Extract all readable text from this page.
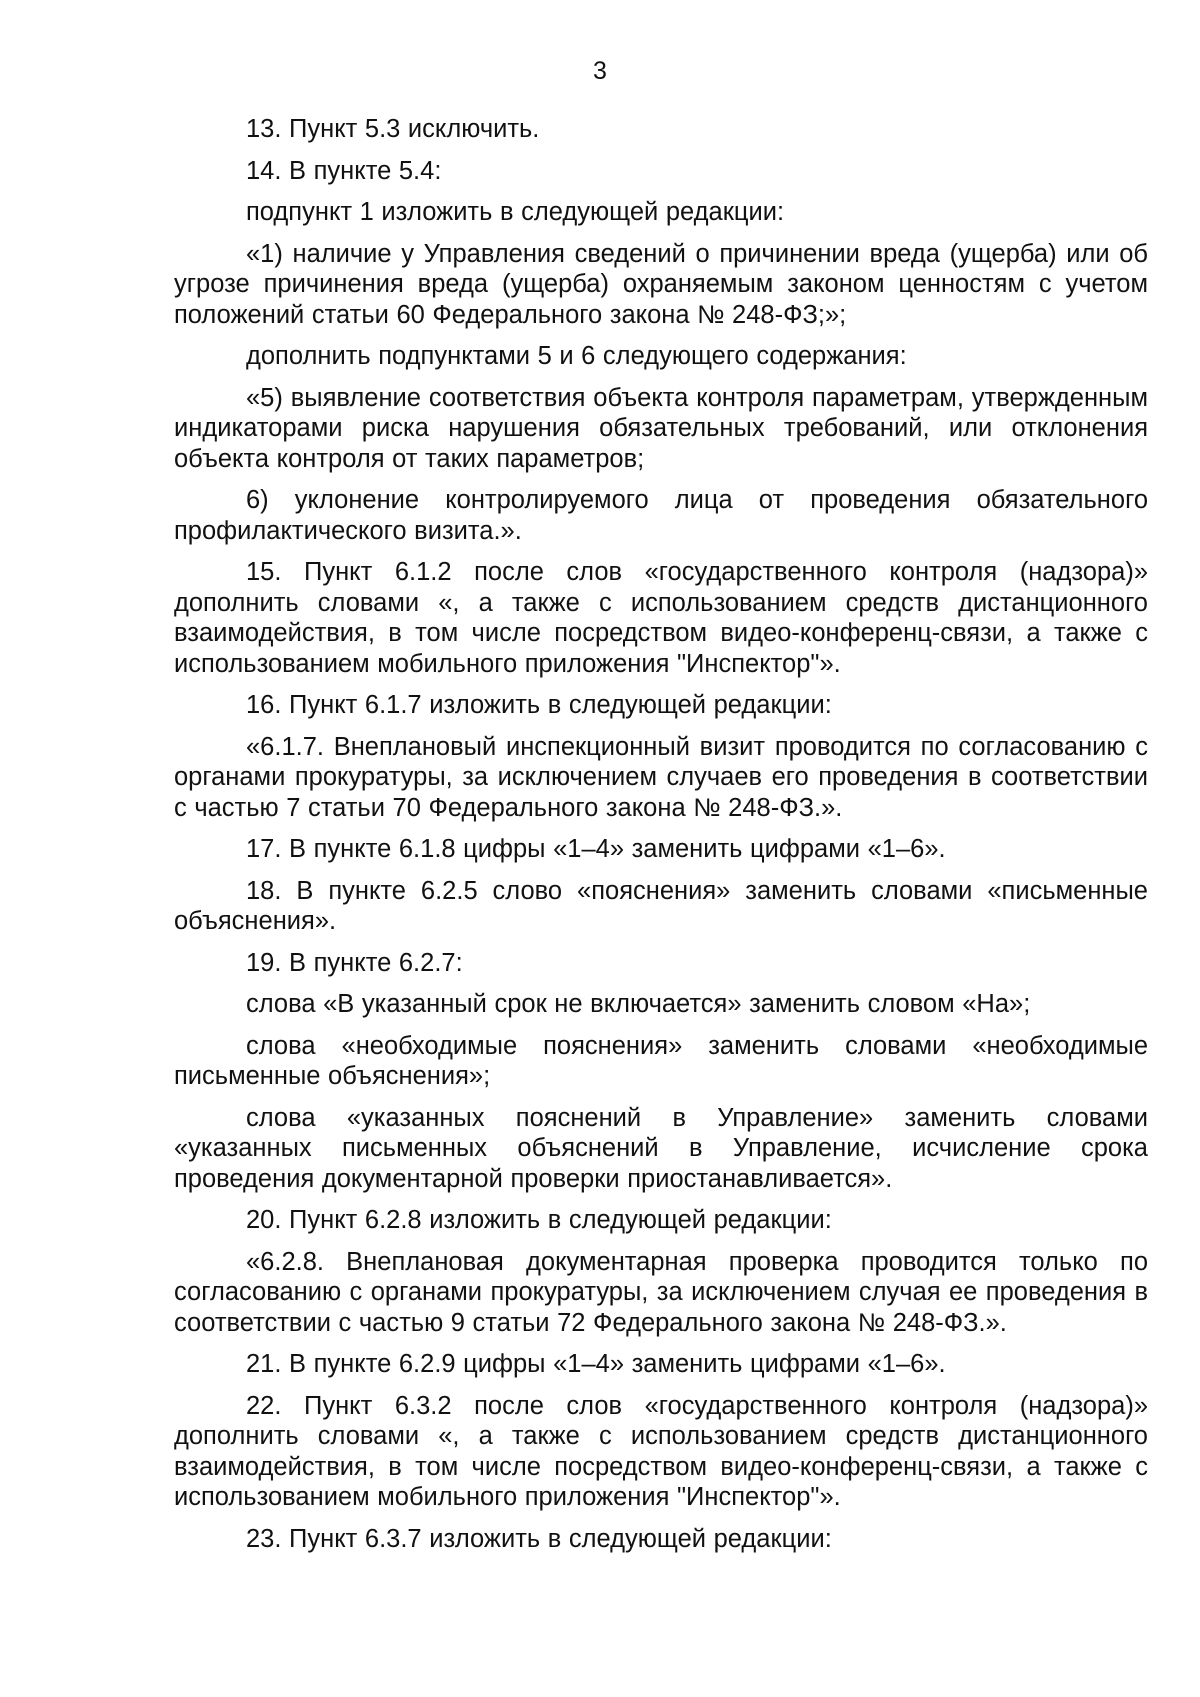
3

13. Пункт 5.3 исключить.

14. В пункте 5.4:

подпункт 1 изложить в следующей редакции:

«1) наличие у Управления сведений о причинении вреда (ущерба) или об угрозе причинения вреда (ущерба) охраняемым законом ценностям с учетом положений статьи 60 Федерального закона № 248-ФЗ;»;

дополнить подпунктами 5 и 6 следующего содержания:

«5) выявление соответствия объекта контроля параметрам, утвержденным индикаторами риска нарушения обязательных требований, или отклонения объекта контроля от таких параметров;

6) уклонение контролируемого лица от проведения обязательного профилактического визита.».

15. Пункт 6.1.2 после слов «государственного контроля (надзора)» дополнить словами «, а также с использованием средств дистанционного взаимодействия, в том числе посредством видео-конференц-связи, а также с использованием мобильного приложения "Инспектор"».

16. Пункт 6.1.7 изложить в следующей редакции:

«6.1.7. Внеплановый инспекционный визит проводится по согласованию с органами прокуратуры, за исключением случаев его проведения в соответствии с частью 7 статьи 70 Федерального закона № 248-ФЗ.».

17. В пункте 6.1.8 цифры «1–4» заменить цифрами «1–6».

18. В пункте 6.2.5 слово «пояснения» заменить словами «письменные объяснения».

19. В пункте 6.2.7:

слова «В указанный срок не включается» заменить словом «На»;

слова «необходимые пояснения» заменить словами «необходимые письменные объяснения»;

слова «указанных пояснений в Управление» заменить словами «указанных письменных объяснений в Управление, исчисление срока проведения документарной проверки приостанавливается».

20. Пункт 6.2.8 изложить в следующей редакции:

«6.2.8. Внеплановая документарная проверка проводится только по согласованию с органами прокуратуры, за исключением случая ее проведения в соответствии с частью 9 статьи 72 Федерального закона № 248-ФЗ.».

21. В пункте 6.2.9 цифры «1–4» заменить цифрами «1–6».

22. Пункт 6.3.2 после слов «государственного контроля (надзора)» дополнить словами «, а также с использованием средств дистанционного взаимодействия, в том числе посредством видео-конференц-связи, а также с использованием мобильного приложения "Инспектор"».

23. Пункт 6.3.7 изложить в следующей редакции:
